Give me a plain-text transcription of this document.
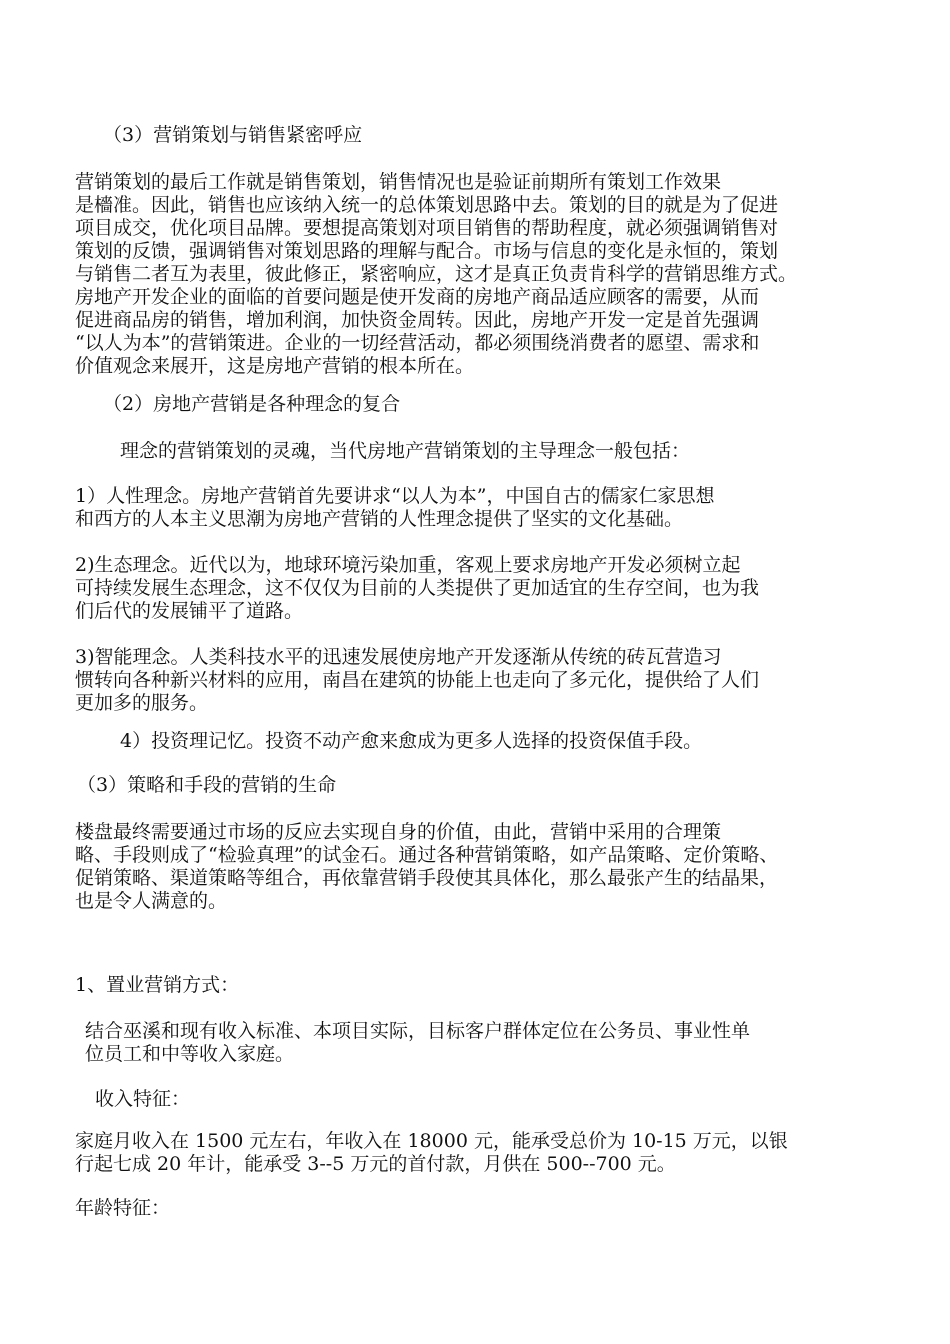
（3）营销策划与销售紧密呼应

营销策划的最后工作就是销售策划，销售情况也是验证前期所有策划工作效果
是檣准。因此，销售也应该纳入统一的总体策划思路中去。策划的目的就是为了促进
项目成交，优化项目品牌。要想提高策划对项目销售的帮助程度，就必须强调销售对
策划的反馈，强调销售对策划思路的理解与配合。市场与信息的变化是永恒的，策划
与销售二者互为表里，彼此修正，紧密响应，这才是真正负责肯科学的营销思维方式。
房地产开发企业的面临的首要问题是使开发商的房地产商品适应顾客的需要，从而
促进商品房的销售，增加利润，加快资金周转。因此，房地产开发一定是首先强调
“以人为本”的营销策进。企业的一切经营活动，都必须围绕消费者的愿望、需求和
价值观念来展开，这是房地产营销的根本所在。

（2）房地产营销是各种理念的复合

理念的营销策划的灵魂，当代房地产营销策划的主导理念一般包括：

1）人性理念。房地产营销首先要讲求“以人为本”，中国自古的儒家仁家思想
和西方的人本主义思潮为房地产营销的人性理念提供了坚实的文化基础。

2)生态理念。近代以为，地球环境污染加重，客观上要求房地产开发必须树立起
可持续发展生态理念，这不仅仅为目前的人类提供了更加适宜的生存空间，也为我
们后代的发展铺平了道路。

3)智能理念。人类科技水平的迅速发展使房地产开发逐渐从传统的砖瓦营造习
惯转向各种新兴材料的应用，南昌在建筑的协能上也走向了多元化，提供给了人们
更加多的服务。

4）投资理记忆。投资不动产愈来愈成为更多人选择的投资保值手段。

（3）策略和手段的营销的生命

楼盘最终需要通过市场的反应去实现自身的价值，由此，营销中采用的合理策
略、手段则成了“检验真理”的试金石。通过各种营销策略，如产品策略、定价策略、
促销策略、渠道策略等组合，再依靠营销手段使其具体化，那么最张产生的结晶果，
也是令人满意的。

1、置业营销方式：

结合巫溪和现有收入标准、本项目实际，目标客户群体定位在公务员、事业性单
位员工和中等收入家庭。

收入特征：

家庭月收入在 1500 元左右，年收入在 18000 元，能承受总价为 10-15 万元，以银
行起七成 20 年计，能承受 3--5 万元的首付款，月供在 500--700 元。

年龄特征：
